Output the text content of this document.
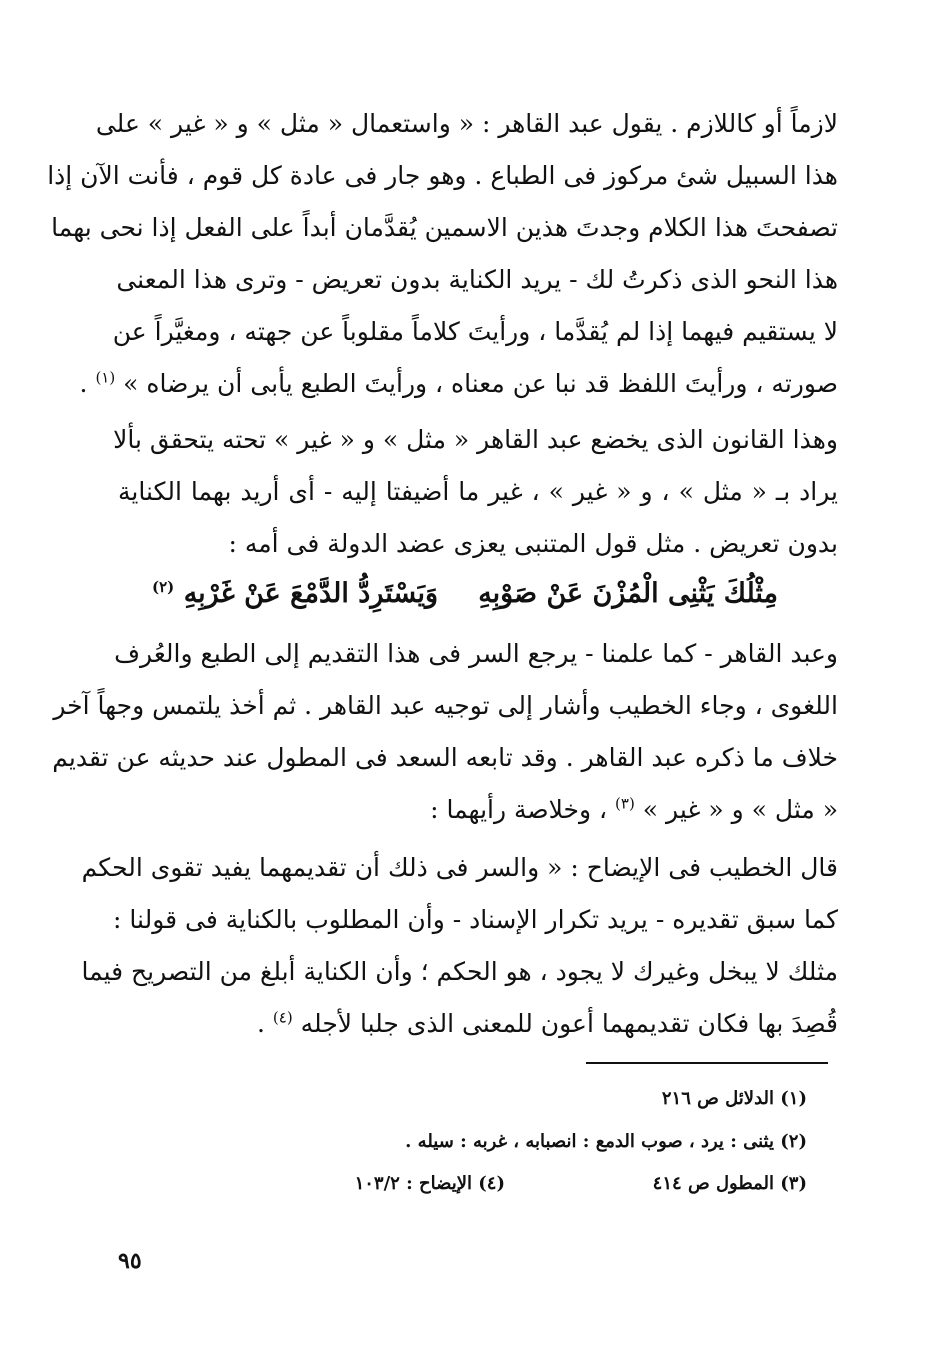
لازماً أو كاللازم . يقول عبد القاهر : « واستعمال « مثل » و « غير » على
هذا السبيل شئ مركوز فى الطباع . وهو جار فى عادة كل قوم ، فأنت الآن إذا
تصفحتَ هذا الكلام وجدتَ هذين الاسمين يُقدَّمان أبداً على الفعل إذا نحى بهما
هذا النحو الذى ذكرتُ لك - يريد الكناية بدون تعريض - وترى هذا المعنى
لا يستقيم فيهما إذا لم يُقدَّما ، ورأيتَ كلاماً مقلوباً عن جهته ، ومغيَّراً عن
صورته ، ورأيتَ اللفظ قد نبا عن معناه ، ورأيتَ الطبع يأبى أن يرضاه » $^{(١)}$ .
وهذا القانون الذى يخضع عبد القاهر « مثل » و « غير » تحته يتحقق بألا
يراد بـ « مثل » ، و « غير » ، غير ما أضيفتا إليه - أى أريد بهما الكناية
بدون تعريض . مثل قول المتنبى يعزى عضد الدولة فى أمه :
مِثْلُكَ يَثْنِى الْمُزْنَ عَنْ صَوْبِهِ
وَيَسْتَرِدُّ الدَّمْعَ عَنْ غَرْبِهِ $^{(٢)}$
وعبد القاهر - كما علمنا - يرجع السر فى هذا التقديم إلى الطبع والعُرف
اللغوى ، وجاء الخطيب وأشار إلى توجيه عبد القاهر . ثم أخذ يلتمس وجهاً آخر
خلاف ما ذكره عبد القاهر . وقد تابعه السعد فى المطول عند حديثه عن تقديم
« مثل » و « غير » $^{(٣)}$ ، وخلاصة رأيهما :
قال الخطيب فى الإيضاح : « والسر فى ذلك أن تقديمهما يفيد تقوى الحكم
كما سبق تقديره - يريد تكرار الإسناد - وأن المطلوب بالكناية فى قولنا :
مثلك لا يبخل وغيرك لا يجود ، هو الحكم ؛ وأن الكناية أبلغ من التصريح فيما
قُصِدَ بها فكان تقديمهما أعون للمعنى الذى جلبا لأجله $^{(٤)}$ .
(١) الدلائل ص ٢١٦
(٢) يثنى : يرد ، صوب الدمع : انصبابه ، غربه : سيله .
(٣) المطول ص ٤١٤
(٤) الإيضاح : ١٠٣/٢
٩٥
